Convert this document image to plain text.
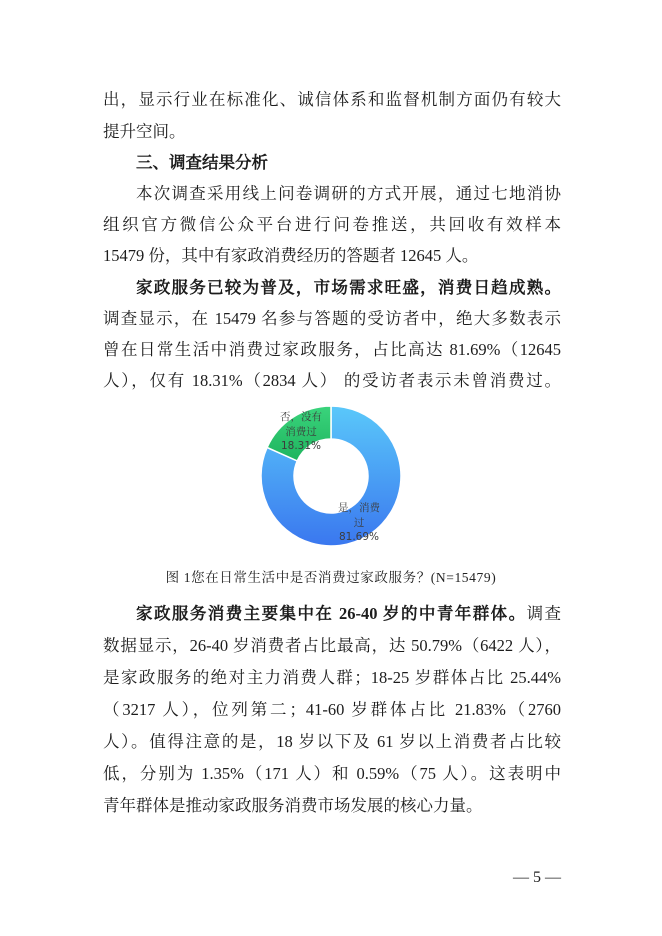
出，显示行业在标准化、诚信体系和监督机制方面仍有较大
提升空间。
三、调查结果分析
本次调查采用线上问卷调研的方式开展，通过七地消协
组织官方微信公众平台进行问卷推送，共回收有效样本
15479 份，其中有家政消费经历的答题者 12645 人。
家政服务已较为普及，市场需求旺盛，消费日趋成熟。
调查显示，在 15479 名参与答题的受访者中，绝大多数表示
曾在日常生活中消费过家政服务，占比高达 81.69%（12645
人），仅有 18.31%（2834 人） 的受访者表示未曾消费过。
否，没有消费过
18.31%
是，消费过
81.69%
图 1您在日常生活中是否消费过家政服务？(N=15479)
家政服务消费主要集中在 26-40 岁的中青年群体。调查
数据显示，26-40 岁消费者占比最高，达 50.79%（6422 人），
是家政服务的绝对主力消费人群；18-25 岁群体占比 25.44%
（3217 人），位列第二；41-60 岁群体占比 21.83%（2760
人）。值得注意的是，18 岁以下及 61 岁以上消费者占比较
低，分别为 1.35%（171 人）和 0.59%（75 人）。这表明中
青年群体是推动家政服务消费市场发展的核心力量。
— 5 —
